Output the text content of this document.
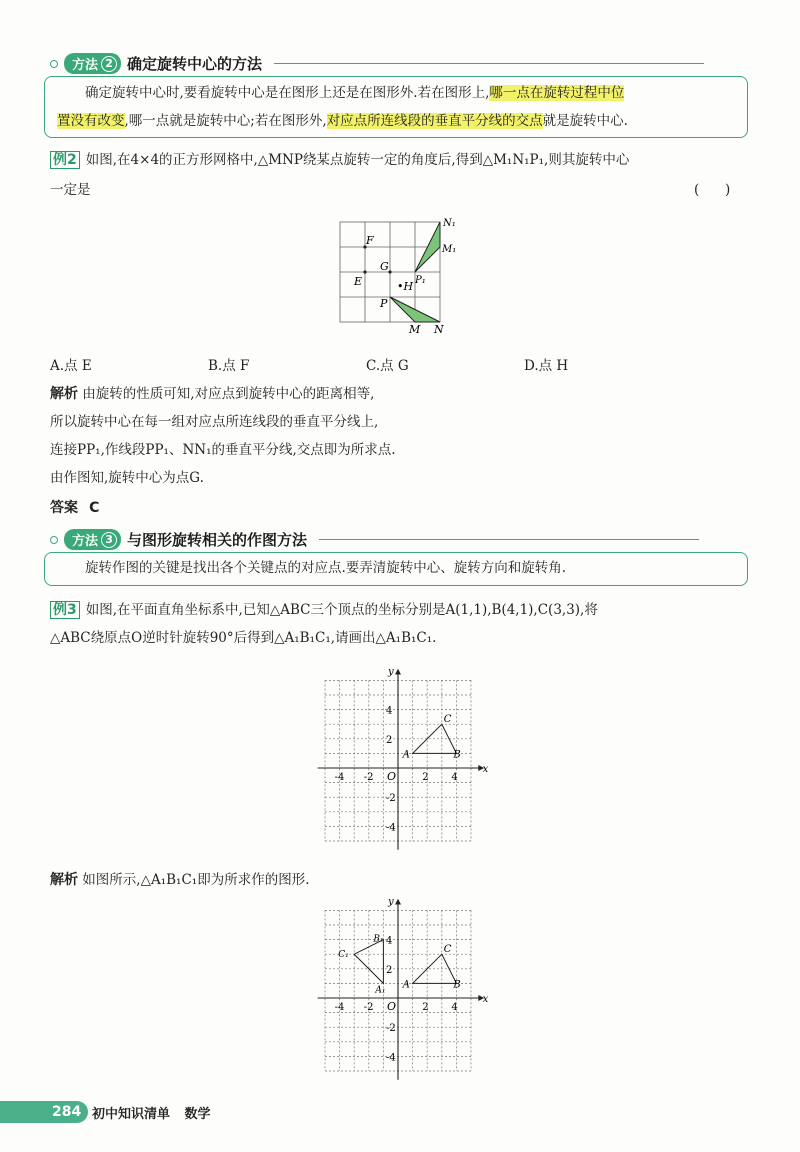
方法 2 确定旋转中心的方法
确定旋转中心时,要看旋转中心是在图形上还是在图形外.若在图形上,哪一点在旋转过程中位
置没有改变,哪一点就是旋转中心;若在图形外,对应点所连线段的垂直平分线的交点就是旋转中心.
例2 如图,在4×4的正方形网格中,△MNP绕某点旋转一定的角度后,得到△M₁N₁P₁,则其旋转中心
一定是	(      )
F
G
E	•H P₁
P
M N
N₁
M₁
A.点 E	B.点 F	C.点 G	D.点 H
解析 由旋转的性质可知,对应点到旋转中心的距离相等,
所以旋转中心在每一组对应点所连线段的垂直平分线上,
连接PP₁,作线段PP₁、NN₁的垂直平分线,交点即为所求点.
由作图知,旋转中心为点G.
答案 C
方法 3 与图形旋转相关的作图方法
旋转作图的关键是找出各个关键点的对应点.要弄清旋转中心、旋转方向和旋转角.
例3 如图,在平面直角坐标系中,已知△ABC三个顶点的坐标分别是A(1,1),B(4,1),C(3,3),将
△ABC绕原点O逆时针旋转90°后得到△A₁B₁C₁,请画出△A₁B₁C₁.
x
y
O
-4 -2	2 4
4
2
-2
-4
A	B
C
解析 如图所示,△A₁B₁C₁即为所求作的图形.
x
y
O
-4 -2	2 4
4
2
-2
-4
A	B
C
A₁
B₁
C₁
284 初中知识清单 数学
